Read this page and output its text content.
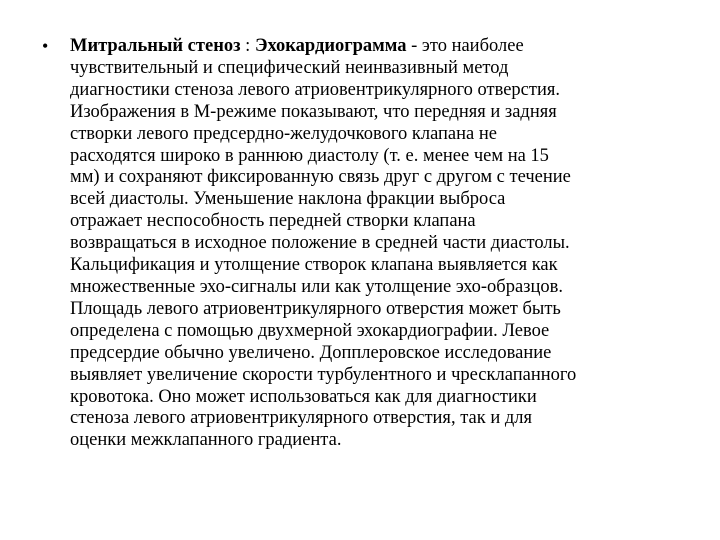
•	Митральный стеноз : Эхокардиограмма - это наиболее
чувствительный и специфический неинвазивный метод
диагностики стеноза левого атриовентрикулярного отверстия.
Изображения в М-режиме показывают, что передняя и задняя
створки левого предсердно-желудочкового клапана не
расходятся широко в раннюю диастолу (т. е. менее чем на 15
мм) и сохраняют фиксированную связь друг с другом с течение
всей диастолы. Уменьшение наклона фракции выброса
отражает неспособность передней створки клапана
возвращаться в исходное положение в средней части диастолы.
Кальцификация и утолщение створок клапана выявляется как
множественные эхо-сигналы или как утолщение эхо-образцов.
Площадь левого атриовентрикулярного отверстия может быть
определена с помощью двухмерной эхокардиографии. Левое
предсердие обычно увеличено. Допплеровское исследование
выявляет увеличение скорости турбулентного и чресклапанного
кровотока. Оно может использоваться как для диагностики
стеноза левого атриовентрикулярного отверстия, так и для
оценки межклапанного градиента.
